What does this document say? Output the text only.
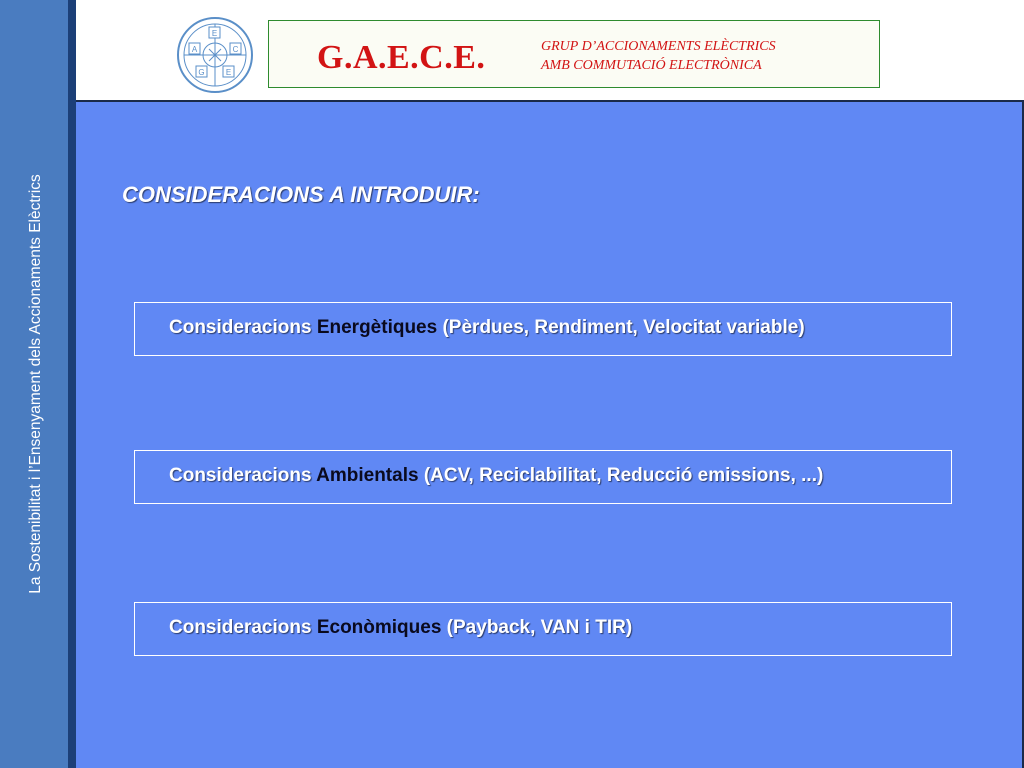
La Sostenibilitat i l’Ensenyament dels Accionaments Elèctrics
E
A	C
G	E	G.A.E.C.E.	GRUP D’ACCIONAMENTS ELÈCTRICS
AMB COMMUTACIÓ ELECTRÒNICA
CONSIDERACIONS A INTRODUIR:
Consideracions Energètiques (Pèrdues, Rendiment, Velocitat variable)
Consideracions Ambientals (ACV, Reciclabilitat, Reducció emissions, ...)
Consideracions Econòmiques (Payback, VAN i TIR)
